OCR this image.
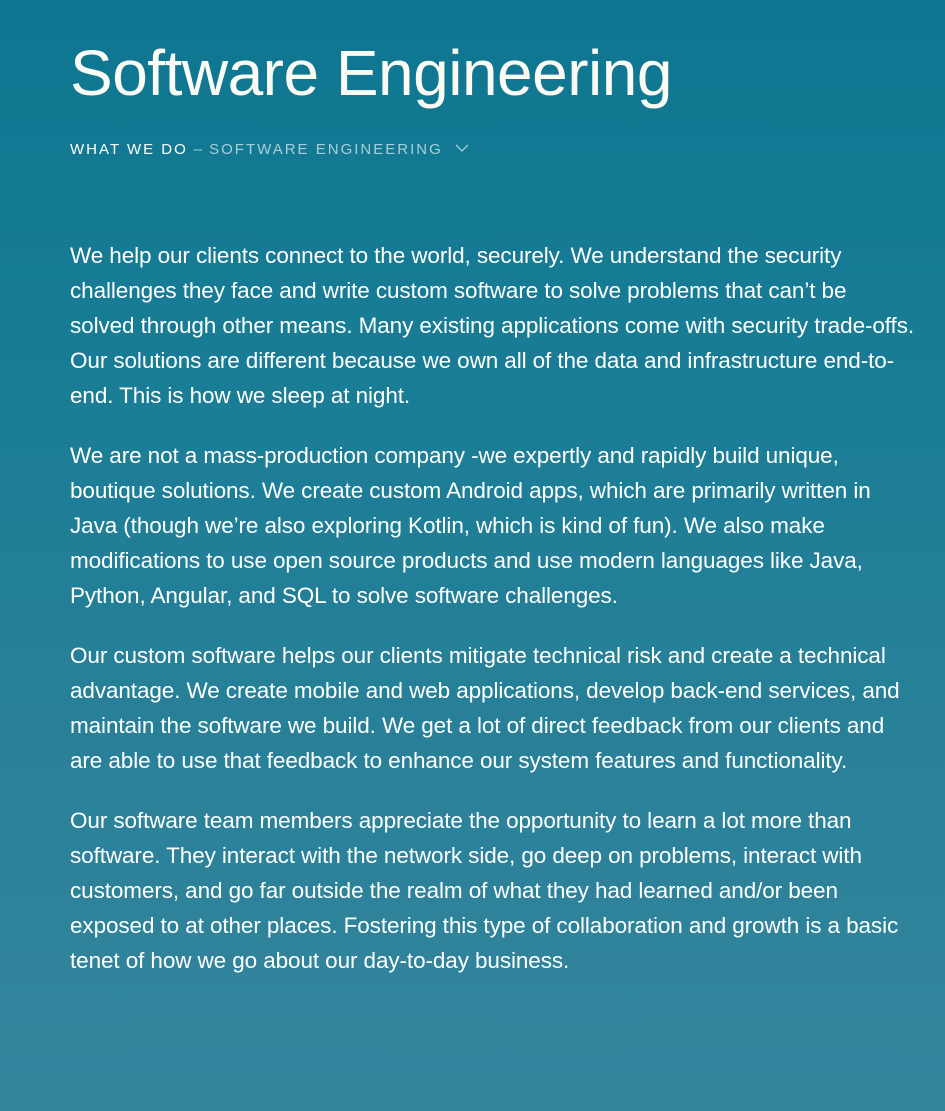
Software Engineering
WHAT WE DO – SOFTWARE ENGINEERING

We help our clients connect to the world, securely. We understand the security challenges they face and write custom software to solve problems that can’t be solved through other means. Many existing applications come with security trade-offs. Our solutions are different because we own all of the data and infrastructure end-to-end. This is how we sleep at night.

We are not a mass-production company -we expertly and rapidly build unique, boutique solutions. We create custom Android apps, which are primarily written in Java (though we’re also exploring Kotlin, which is kind of fun). We also make modifications to use open source products and use modern languages like Java, Python, Angular, and SQL to solve software challenges.

Our custom software helps our clients mitigate technical risk and create a technical advantage. We create mobile and web applications, develop back-end services, and maintain the software we build. We get a lot of direct feedback from our clients and are able to use that feedback to enhance our system features and functionality.

Our software team members appreciate the opportunity to learn a lot more than software. They interact with the network side, go deep on problems, interact with customers, and go far outside the realm of what they had learned and/or been exposed to at other places. Fostering this type of collaboration and growth is a basic tenet of how we go about our day-to-day business.
